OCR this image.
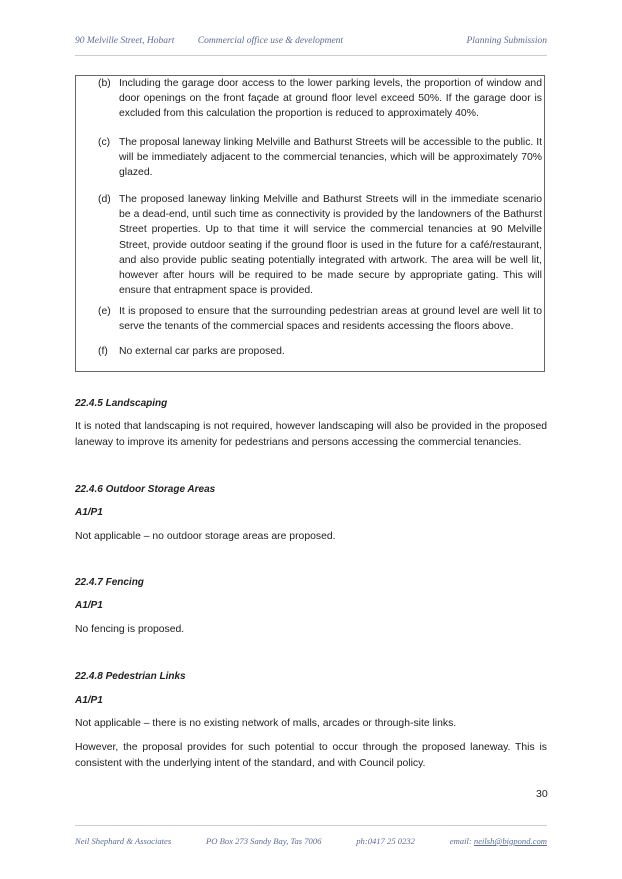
90 Melville Street, Hobart Commercial office use & development	Planning Submission
(b) Including the garage door access to the lower parking levels, the proportion of window and door openings on the front façade at ground floor level exceed 50%. If the garage door is excluded from this calculation the proportion is reduced to approximately 40%.
(c) The proposal laneway linking Melville and Bathurst Streets will be accessible to the public. It will be immediately adjacent to the commercial tenancies, which will be approximately 70% glazed.
(d) The proposed laneway linking Melville and Bathurst Streets will in the immediate scenario be a dead-end, until such time as connectivity is provided by the landowners of the Bathurst Street properties. Up to that time it will service the commercial tenancies at 90 Melville Street, provide outdoor seating if the ground floor is used in the future for a café/restaurant, and also provide public seating potentially integrated with artwork. The area will be well lit, however after hours will be required to be made secure by appropriate gating. This will ensure that entrapment space is provided.
(e) It is proposed to ensure that the surrounding pedestrian areas at ground level are well lit to serve the tenants of the commercial spaces and residents accessing the floors above.
(f)	No external car parks are proposed.
22.4.5 Landscaping
It is noted that landscaping is not required, however landscaping will also be provided in the proposed laneway to improve its amenity for pedestrians and persons accessing the commercial tenancies.
22.4.6 Outdoor Storage Areas
A1/P1
Not applicable – no outdoor storage areas are proposed.
22.4.7 Fencing
A1/P1
No fencing is proposed.
22.4.8 Pedestrian Links
A1/P1
Not applicable – there is no existing network of malls, arcades or through-site links.
However, the proposal provides for such potential to occur through the proposed laneway. This is consistent with the underlying intent of the standard, and with Council policy.
30
Neil Shephard & Associates	PO Box 273 Sandy Bay, Tas 7006	ph:0417 25 0232	email: neilsh@bigpond.com
